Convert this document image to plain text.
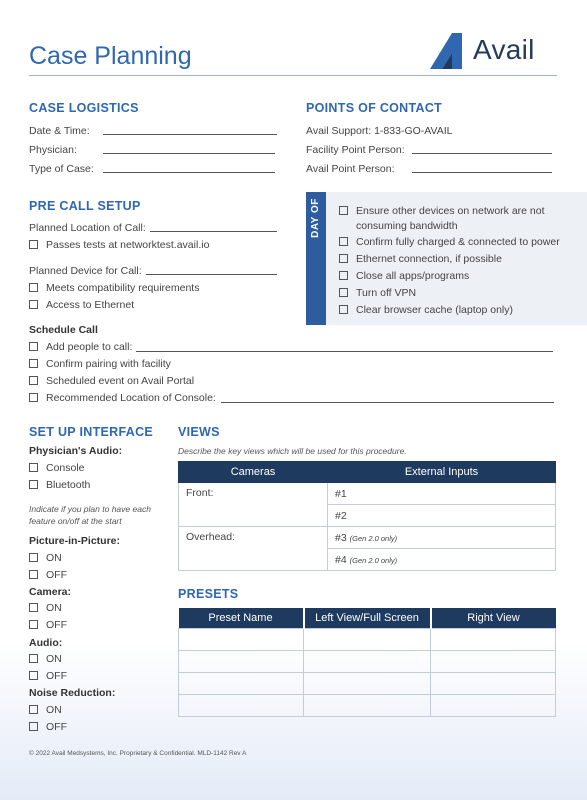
Case Planning	Avail
CASE LOGISTICS
Date & Time:
Physician:
Type of Case:
POINTS OF CONTACT
Avail Support: 1-833-GO-AVAIL
Facility Point Person:
Avail Point Person:
PRE CALL SETUP
Planned Location of Call:
Passes tests at networktest.avail.io
Planned Device for Call:
Meets compatibility requirements
Access to Ethernet
DAY OF	Ensure other devices on network are not
consuming bandwidth
Confirm fully charged & connected to power
Ethernet connection, if possible
Close all apps/programs
Turn off VPN
Clear browser cache (laptop only)
Schedule Call
Add people to call:
Confirm pairing with facility
Scheduled event on Avail Portal
Recommended Location of Console:
SET UP INTERFACE
Physician's Audio:
Console
Bluetooth
Indicate if you plan to have each
feature on/off at the start
Picture-in-Picture:
ON
OFF
Camera:
ON
OFF
Audio:
ON
OFF
Noise Reduction:
ON
OFF
VIEWS
Describe the key views which will be used for this procedure.
Cameras	External Inputs
Front:	#1
	#2
Overhead:	#3 (Gen 2.0 only)
	#4 (Gen 2.0 only)
PRESETS
Preset Name	Left View/Full Screen	Right View

© 2022 Avail Medsystems, Inc. Proprietary & Confidential. MLD-1142 Rev A
